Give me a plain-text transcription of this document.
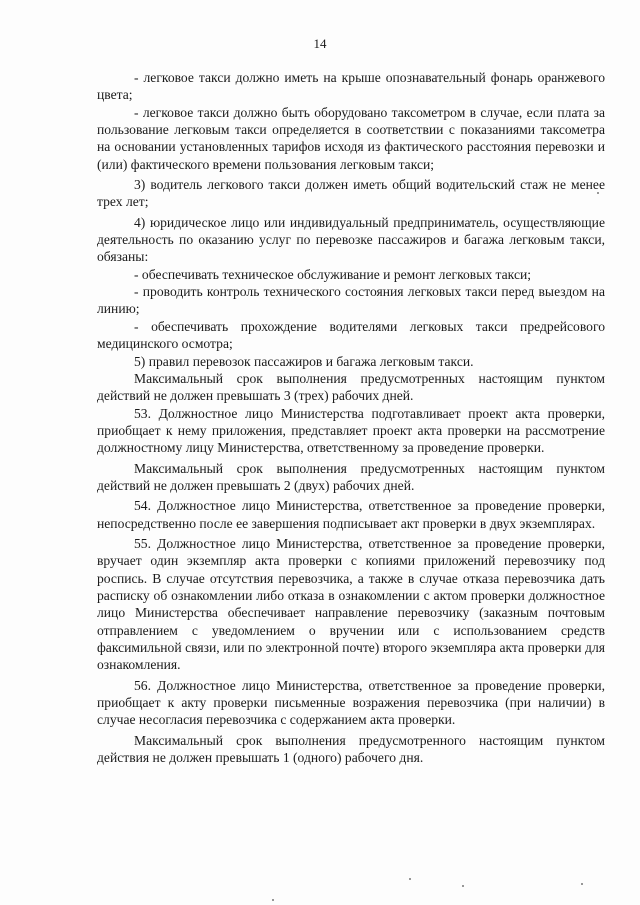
14

- легковое такси должно иметь на крыше опознавательный фонарь оранжевого цвета;

- легковое такси должно быть оборудовано таксометром в случае, если плата за пользование легковым такси определяется в соответствии с показаниями таксометра на основании установленных тарифов исходя из фактического расстояния перевозки и (или) фактического времени пользования легковым такси;

3) водитель легкового такси должен иметь общий водительский стаж не менее трех лет;

4) юридическое лицо или индивидуальный предприниматель, осуществляющие деятельность по оказанию услуг по перевозке пассажиров и багажа легковым такси, обязаны:

- обеспечивать техническое обслуживание и ремонт легковых такси;

- проводить контроль технического состояния легковых такси перед выездом на линию;

- обеспечивать прохождение водителями легковых такси предрейсового медицинского осмотра;

5) правил перевозок пассажиров и багажа легковым такси.

Максимальный срок выполнения предусмотренных настоящим пунктом действий не должен превышать 3 (трех) рабочих дней.

53. Должностное лицо Министерства подготавливает проект акта проверки, приобщает к нему приложения, представляет проект акта проверки на рассмотрение должностному лицу Министерства, ответственному за проведение проверки.

Максимальный срок выполнения предусмотренных настоящим пунктом действий не должен превышать 2 (двух) рабочих дней.

54. Должностное лицо Министерства, ответственное за проведение проверки, непосредственно после ее завершения подписывает акт проверки в двух экземплярах.

55. Должностное лицо Министерства, ответственное за проведение проверки, вручает один экземпляр акта проверки с копиями приложений перевозчику под роспись. В случае отсутствия перевозчика, а также в случае отказа перевозчика дать расписку об ознакомлении либо отказа в ознакомлении с актом проверки должностное лицо Министерства обеспечивает направление перевозчику (заказным почтовым отправлением с уведомлением о вручении или с использованием средств факсимильной связи, или по электронной почте) второго экземпляра акта проверки для ознакомления.

56. Должностное лицо Министерства, ответственное за проведение проверки, приобщает к акту проверки письменные возражения перевозчика (при наличии) в случае несогласия перевозчика с содержанием акта проверки.

Максимальный срок выполнения предусмотренного настоящим пунктом действия не должен превышать 1 (одного) рабочего дня.
